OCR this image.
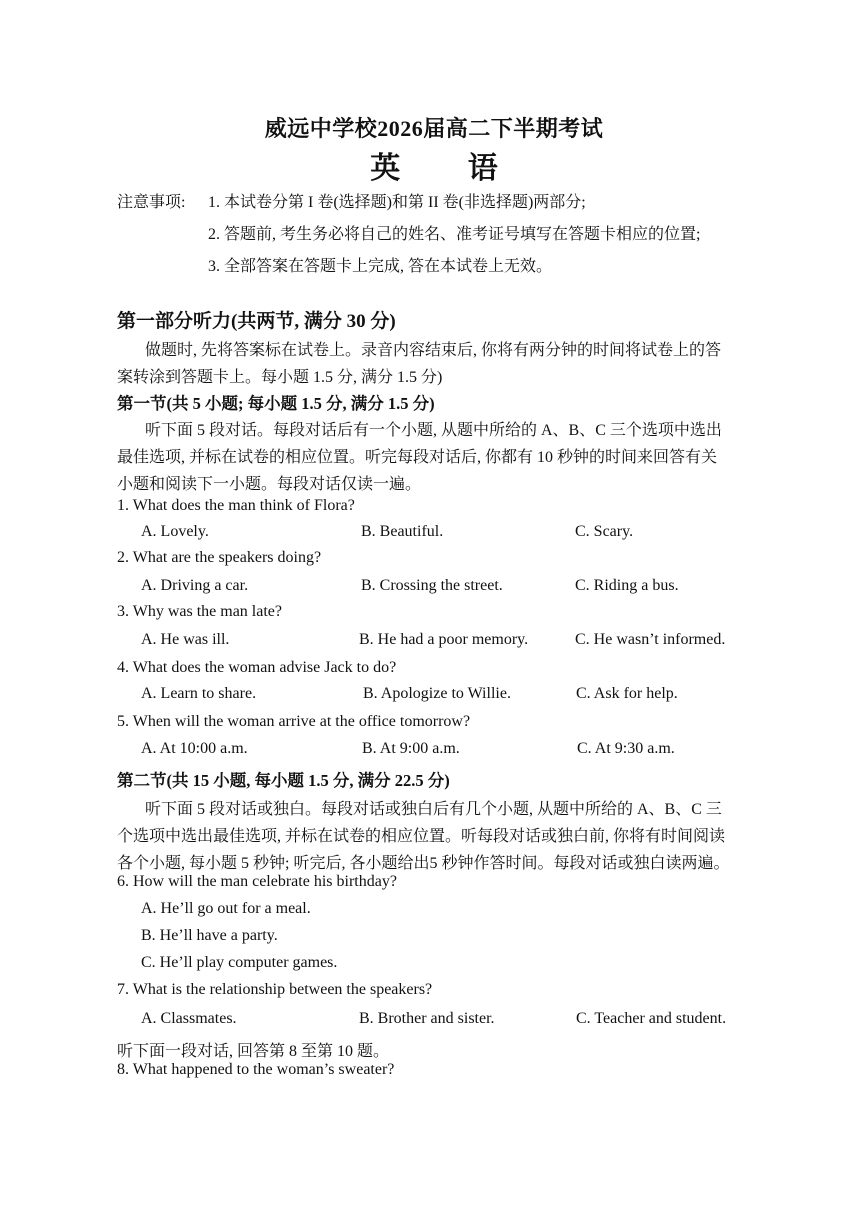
威远中学校2026届高二下半期考试
英 语
注意事项: 1. 本试卷分第 I 卷(选择题)和第 II 卷(非选择题)两部分;
2. 答题前, 考生务必将自己的姓名、准考证号填写在答题卡相应的位置;
3. 全部答案在答题卡上完成, 答在本试卷上无效。
第一部分听力(共两节, 满分 30 分)
做题时, 先将答案标在试卷上。录音内容结束后, 你将有两分钟的时间将试卷上的答
案转涂到答题卡上。每小题 1.5 分, 满分 1.5 分)
第一节(共 5 小题; 每小题 1.5 分, 满分 1.5 分)
听下面 5 段对话。每段对话后有一个小题, 从题中所给的 A、B、C 三个选项中选出
最佳选项, 并标在试卷的相应位置。听完每段对话后, 你都有 10 秒钟的时间来回答有关
小题和阅读下一小题。每段对话仅读一遍。
1. What does the man think of Flora?
A. Lovely.	B. Beautiful.	C. Scary.
2. What are the speakers doing?
A. Driving a car.	B. Crossing the street.	C. Riding a bus.
3. Why was the man late?
A. He was ill.	B. He had a poor memory.	C. He wasn’t informed.
4. What does the woman advise Jack to do?
A. Learn to share.	B. Apologize to Willie.	C. Ask for help.
5. When will the woman arrive at the office tomorrow?
A. At 10:00 a.m.	B. At 9:00 a.m.	C. At 9:30 a.m.
第二节(共 15 小题, 每小题 1.5 分, 满分 22.5 分)
听下面 5 段对话或独白。每段对话或独白后有几个小题, 从题中所给的 A、B、C 三
个选项中选出最佳选项, 并标在试卷的相应位置。听每段对话或独白前, 你将有时间阅读
各个小题, 每小题 5 秒钟; 听完后, 各小题给出5 秒钟作答时间。每段对话或独白读两遍。
6. How will the man celebrate his birthday?
A. He’ll go out for a meal.
B. He’ll have a party.
C. He’ll play computer games.
7. What is the relationship between the speakers?
A. Classmates.	B. Brother and sister.	C. Teacher and student.
听下面一段对话, 回答第 8 至第 10 题。
8. What happened to the woman’s sweater?
